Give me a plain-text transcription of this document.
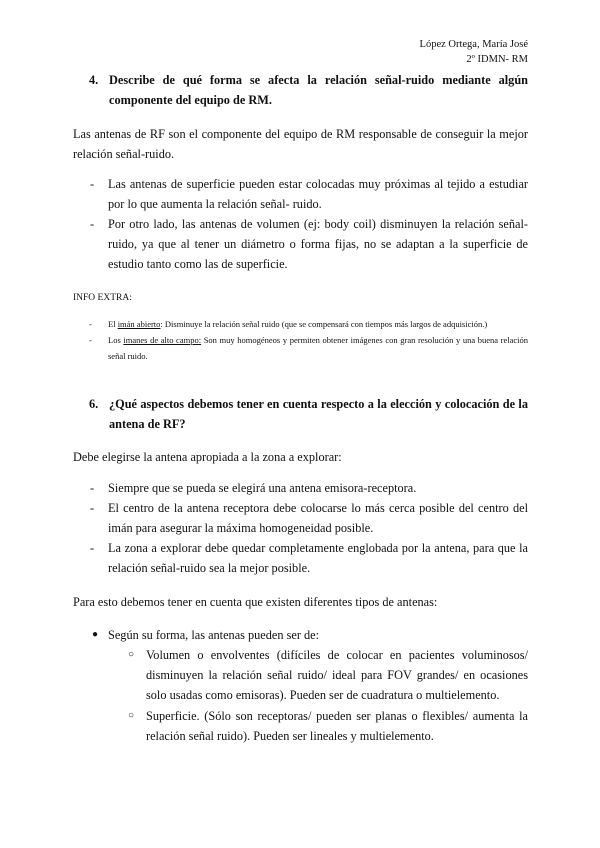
López Ortega, María José
2º IDMN- RM
4. Describe de qué forma se afecta la relación señal-ruido mediante algún componente del equipo de RM.
Las antenas de RF son el componente del equipo de RM responsable de conseguir la mejor relación señal-ruido.
- Las antenas de superficie pueden estar colocadas muy próximas al tejido a estudiar por lo que aumenta la relación señal- ruido.
- Por otro lado, las antenas de volumen (ej: body coil) disminuyen la relación señal-ruido, ya que al tener un diámetro o forma fijas, no se adaptan a la superficie de estudio tanto como las de superficie.
INFO EXTRA:
- El imán abierto: Disminuye la relación señal ruido (que se compensará con tiempos más largos de adquisición.)
- Los imanes de alto campo: Son muy homogéneos y permiten obtener imágenes con gran resolución y una buena relación señal ruido.
6. ¿Qué aspectos debemos tener en cuenta respecto a la elección y colocación de la antena de RF?
Debe elegirse la antena apropiada a la zona a explorar:
- Siempre que se pueda se elegirá una antena emisora-receptora.
- El centro de la antena receptora debe colocarse lo más cerca posible del centro del imán para asegurar la máxima homogeneidad posible.
- La zona a explorar debe quedar completamente englobada por la antena, para que la relación señal-ruido sea la mejor posible.
Para esto debemos tener en cuenta que existen diferentes tipos de antenas:
● Según su forma, las antenas pueden ser de:
○ Volumen o envolventes (difíciles de colocar en pacientes voluminosos/ disminuyen la relación señal ruido/ ideal para FOV grandes/ en ocasiones solo usadas como emisoras). Pueden ser de cuadratura o multielemento.
○ Superficie. (Sólo son receptoras/ pueden ser planas o flexibles/ aumenta la relación señal ruido). Pueden ser lineales y multielemento.
